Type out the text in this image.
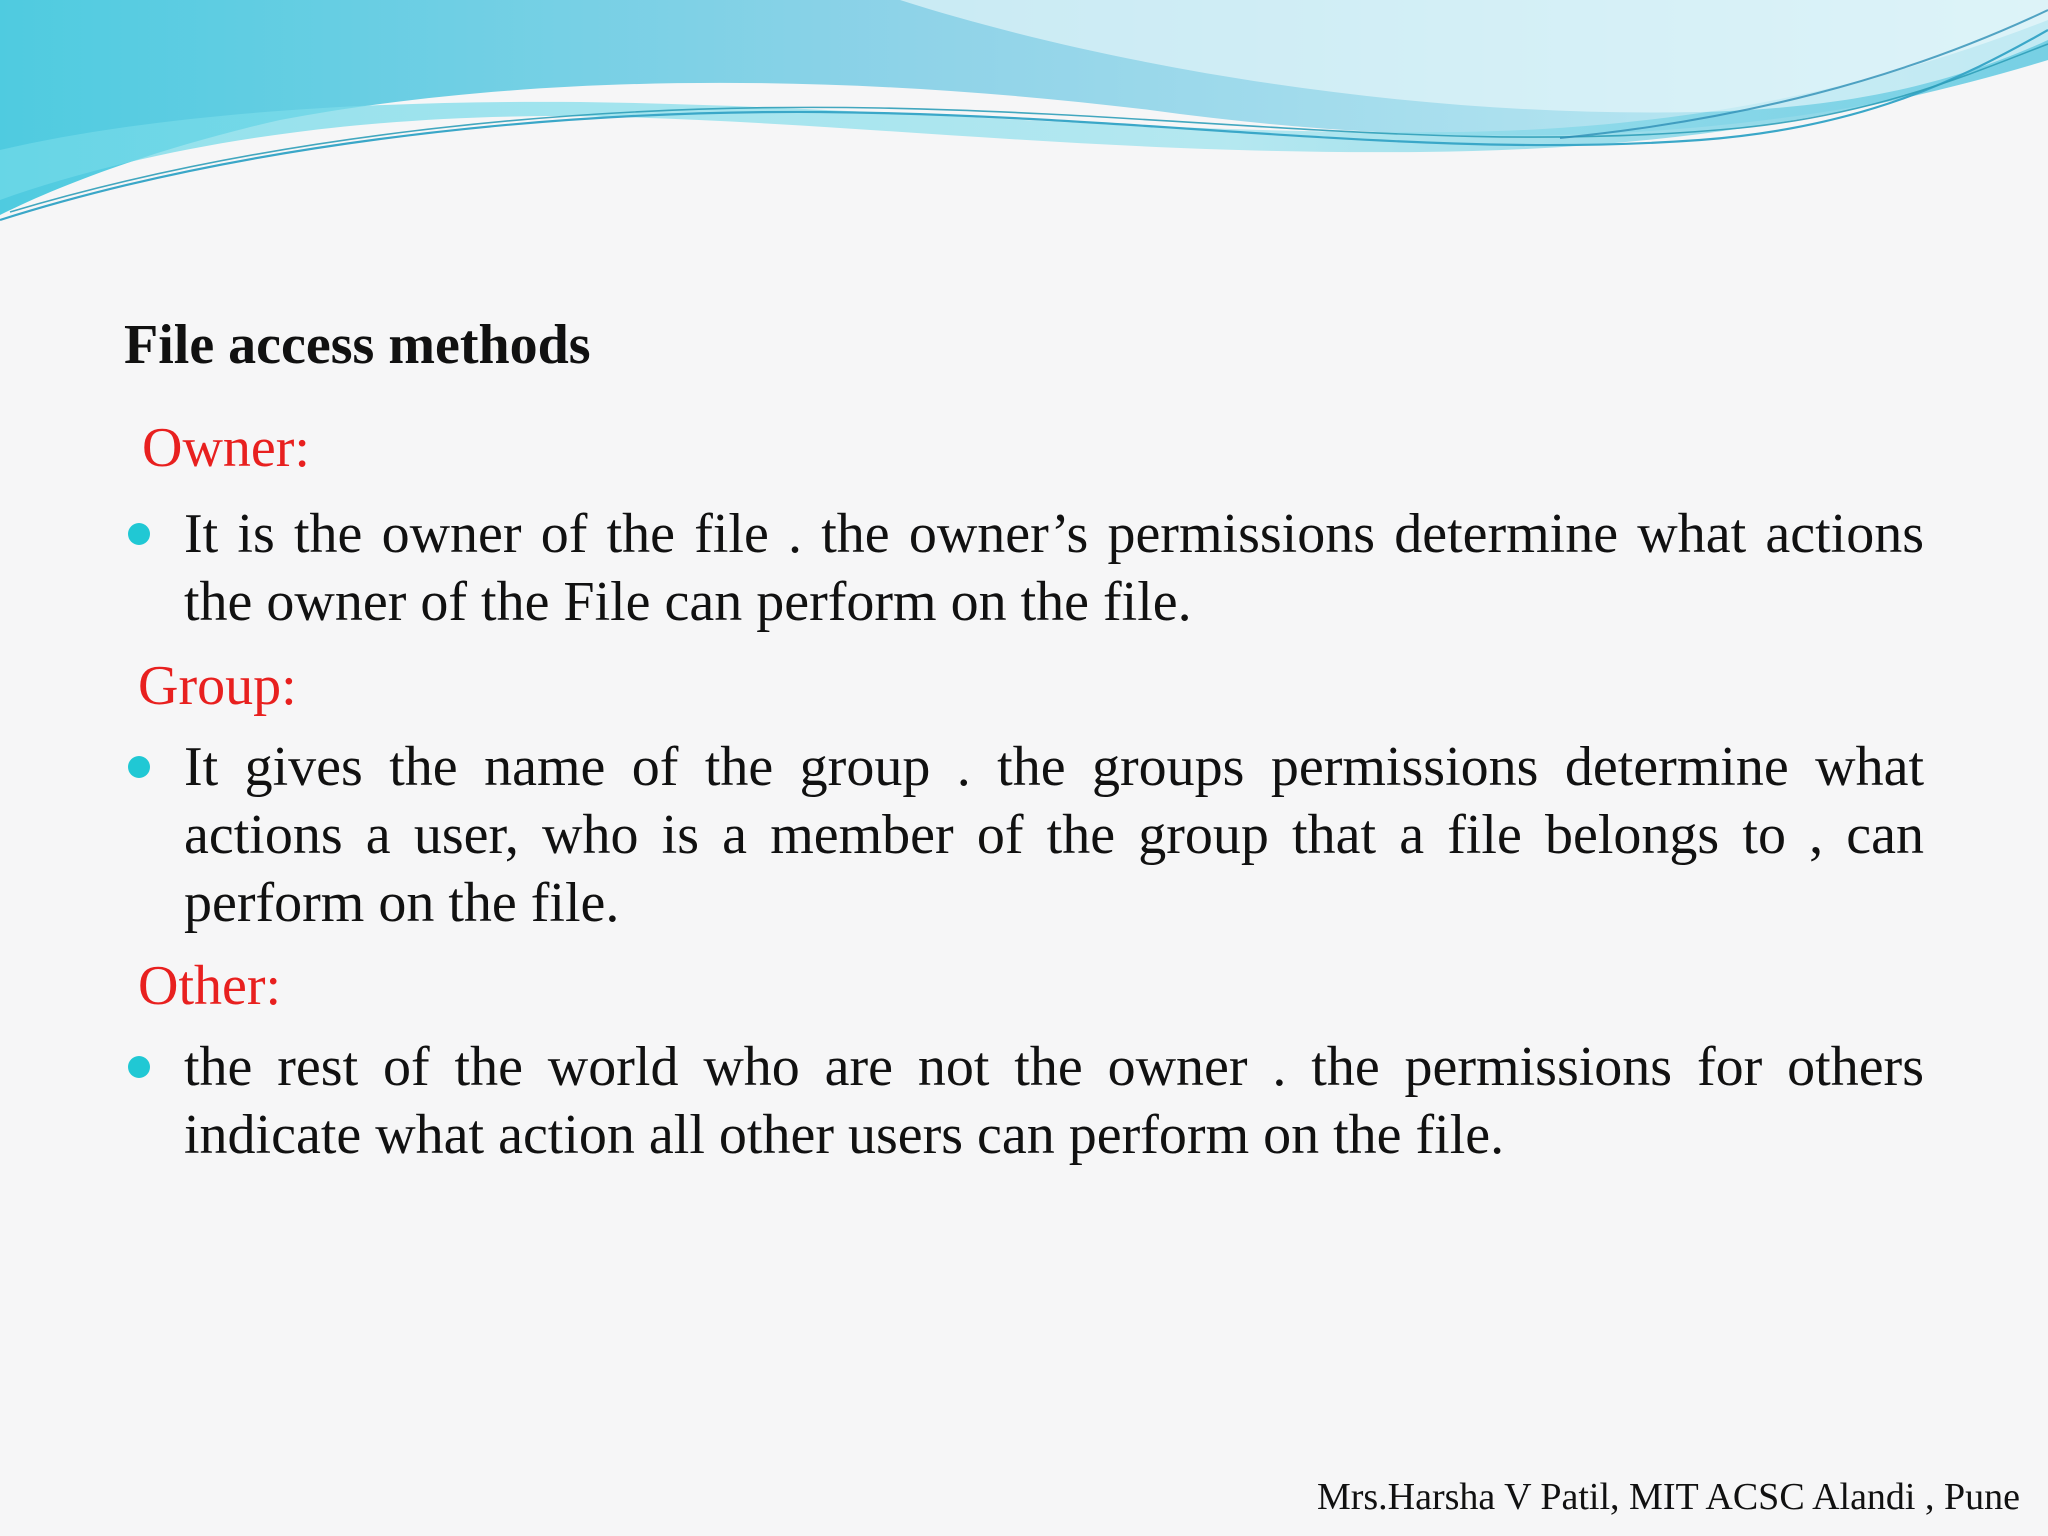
File access methods
Owner:
It is the owner of the file . the owner’s permissions determine what actions the owner of the File can perform on the file.
Group:
It gives the name of the group . the groups permissions determine what actions a user, who is a member of the group that a file belongs to , can perform on the file.
Other:
the rest of the world who are not the owner . the permissions for others indicate what action all other users can perform on the file.
Mrs.Harsha V Patil, MIT ACSC Alandi , Pune
